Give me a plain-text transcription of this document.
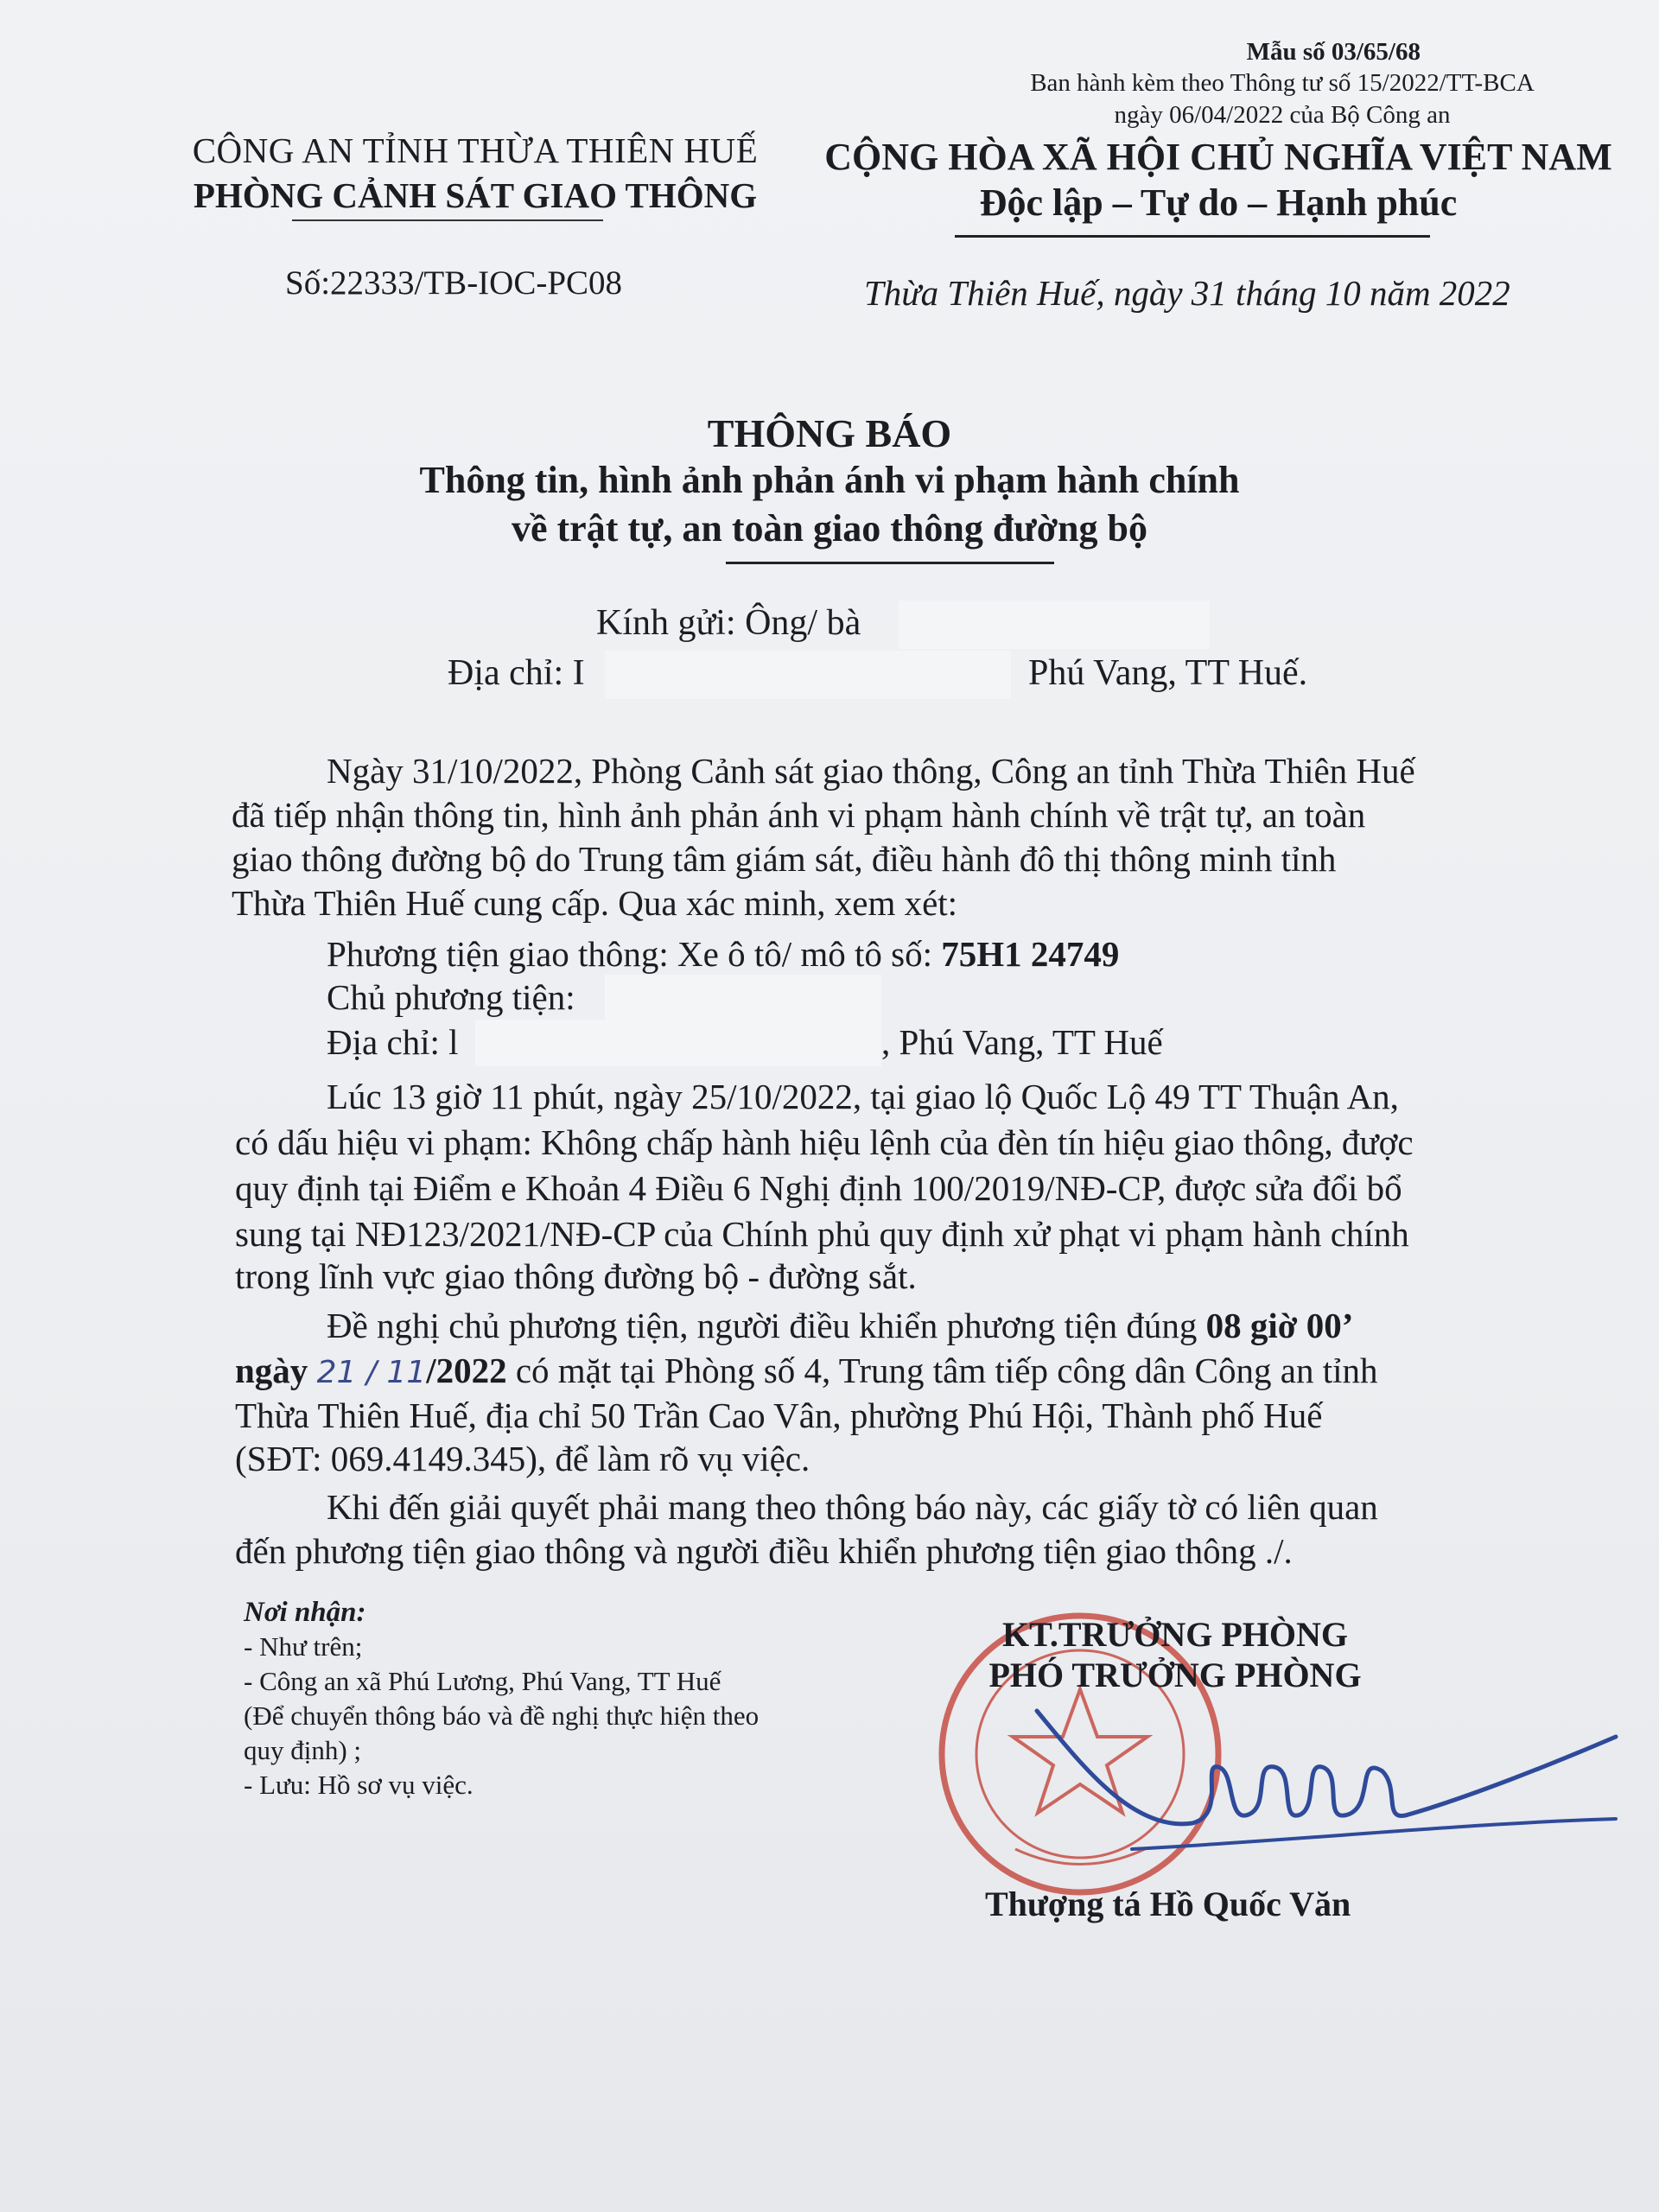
Mẫu số 03/65/68
Ban hành kèm theo Thông tư số 15/2022/TT-BCA
ngày 06/04/2022 của Bộ Công an
CÔNG AN TỈNH THỪA THIÊN HUẾ
PHÒNG CẢNH SÁT GIAO THÔNG
CỘNG HÒA XÃ HỘI CHỦ NGHĨA VIỆT NAM
Độc lập – Tự do – Hạnh phúc
Số:22333/TB-IOC-PC08	Thừa Thiên Huế, ngày 31 tháng 10 năm 2022
THÔNG BÁO
Thông tin, hình ảnh phản ánh vi phạm hành chính
về trật tự, an toàn giao thông đường bộ
Kính gửi: Ông/ bà
Địa chỉ: I	Phú Vang, TT Huế.
Ngày 31/10/2022, Phòng Cảnh sát giao thông, Công an tỉnh Thừa Thiên Huế
đã tiếp nhận thông tin, hình ảnh phản ánh vi phạm hành chính về trật tự, an toàn
giao thông đường bộ do Trung tâm giám sát, điều hành đô thị thông minh tỉnh
Thừa Thiên Huế cung cấp. Qua xác minh, xem xét:
Phương tiện giao thông: Xe ô tô/ mô tô số: 75H1 24749
Chủ phương tiện:
Địa chỉ: l	, Phú Vang, TT Huế
Lúc 13 giờ 11 phút, ngày 25/10/2022, tại giao lộ Quốc Lộ 49 TT Thuận An,
có dấu hiệu vi phạm: Không chấp hành hiệu lệnh của đèn tín hiệu giao thông, được
quy định tại Điểm e Khoản 4 Điều 6 Nghị định 100/2019/NĐ-CP, được sửa đổi bổ
sung tại NĐ123/2021/NĐ-CP của Chính phủ quy định xử phạt vi phạm hành chính
trong lĩnh vực giao thông đường bộ - đường sắt.
Đề nghị chủ phương tiện, người điều khiển phương tiện đúng 08 giờ 00’
ngày 21 / 11/2022 có mặt tại Phòng số 4, Trung tâm tiếp công dân Công an tỉnh
Thừa Thiên Huế, địa chỉ 50 Trần Cao Vân, phường Phú Hội, Thành phố Huế
(SĐT: 069.4149.345), để làm rõ vụ việc.
Khi đến giải quyết phải mang theo thông báo này, các giấy tờ có liên quan
đến phương tiện giao thông và người điều khiển phương tiện giao thông ./.
Nơi nhận:
- Như trên;
- Công an xã Phú Lương, Phú Vang, TT Huế
(Để chuyển thông báo và đề nghị thực hiện theo
quy định) ;
- Lưu: Hồ sơ vụ việc.
KT.TRƯỞNG PHÒNG
PHÓ TRƯỞNG PHÒNG
Thượng tá Hồ Quốc Văn
